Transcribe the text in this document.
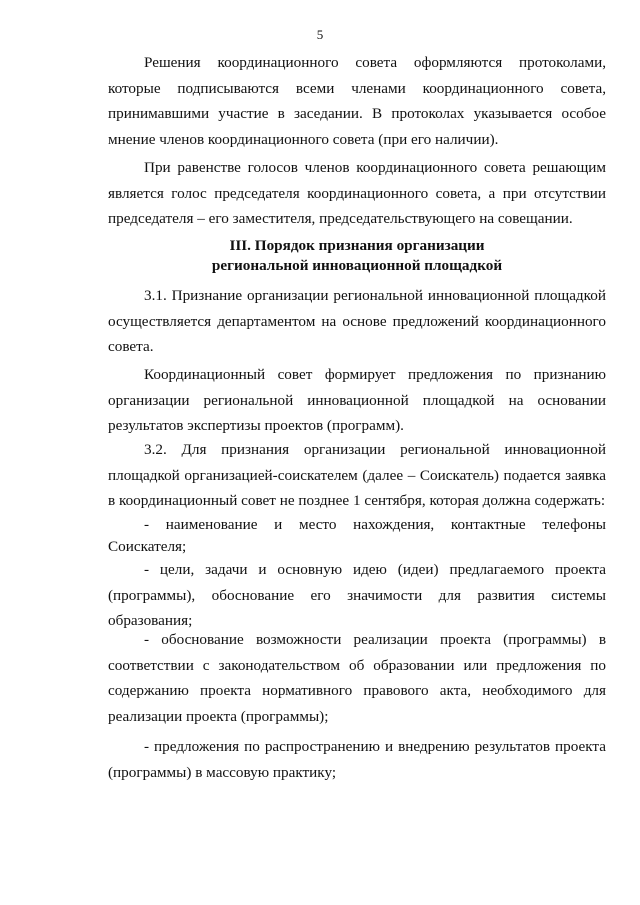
5

Решения координационного совета оформляются протоколами, которые подписываются всеми членами координационного совета, принимавшими участие в заседании. В протоколах указывается особое мнение членов координационного совета (при его наличии).

При равенстве голосов членов координационного совета решающим является голос председателя координационного совета, а при отсутствии председателя – его заместителя, председательствующего на совещании.

III. Порядок признания организации
региональной инновационной площадкой

3.1. Признание организации региональной инновационной площадкой осуществляется департаментом на основе предложений координационного совета.

Координационный совет формирует предложения по признанию организации региональной инновационной площадкой на основании результатов экспертизы проектов (программ).

3.2. Для признания организации региональной инновационной площадкой организацией-соискателем (далее – Соискатель) подается заявка в координационный совет не позднее 1 сентября, которая должна содержать:

- наименование и место нахождения, контактные телефоны Соискателя;

- цели, задачи и основную идею (идеи) предлагаемого проекта (программы), обоснование его значимости для развития системы образования;

- обоснование возможности реализации проекта (программы) в соответствии с законодательством об образовании или предложения по содержанию проекта нормативного правового акта, необходимого для реализации проекта (программы);

- предложения по распространению и внедрению результатов проекта (программы) в массовую практику;
